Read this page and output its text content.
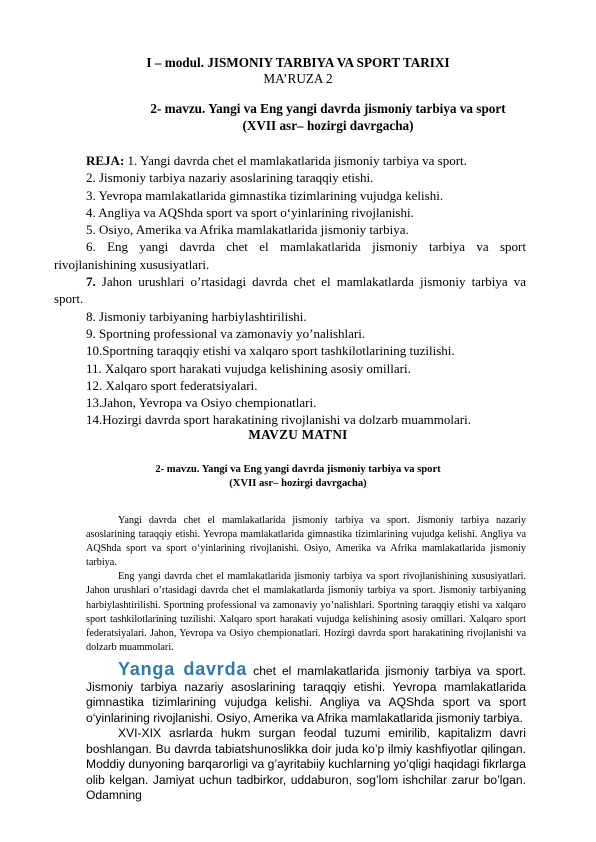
I – modul. JISMONIY TARBIYA VA SPORT TARIXI
MA’RUZA 2
2- mavzu. Yangi va Eng yangi davrda jismoniy tarbiya va sport
(XVII asr– hozirgi davrgacha)
REJA: 1. Yangi davrda chet el mamlakatlarida jismoniy tarbiya va sport.
2. Jismoniy tarbiya nazariy asoslarining taraqqiy etishi.
3. Yevropa mamlakatlarida gimnastika tizimlarining vujudga kelishi.
4. Angliya va AQShda sport va sport o‘yinlarining rivojlanishi.
5. Osiyo, Amerika va Afrika mamlakatlarida jismoniy tarbiya.
6. Eng yangi davrda chet el mamlakatlarida jismoniy tarbiya va sport rivojlanishining xususiyatlari.
7. Jahon urushlari o’rtasidagi davrda chet el mamlakatlarda jismoniy tarbiya va sport.
8. Jismoniy tarbiyaning harbiylashtirilishi.
9. Sportning professional va zamonaviy yo’nalishlari.
10.Sportning taraqqiy etishi va xalqaro sport tashkilotlarining tuzilishi.
11. Xalqaro sport harakati vujudga kelishining asosiy omillari.
12. Xalqaro sport federatsiyalari.
13.Jahon, Yevropa va Osiyo chempionatlari.
14.Hozirgi davrda sport harakatining rivojlanishi va dolzarb muammolari.
MAVZU MATNI
2- mavzu. Yangi va Eng yangi davrda jismoniy tarbiya va sport
(XVII asr– hozirgi davrgacha)

Yangi davrda chet el mamlakatlarida jismoniy tarbiya va sport. Jismoniy tarbiya nazariy asoslarining taraqqiy etishi. Yevropa mamlakatlarida gimnastika tizimlarining vujudga kelishi. Angliya va AQShda sport va sport o‘yinlarining rivojlanishi. Osiyo, Amerika va Afrika mamlakatlarida jismoniy tarbiya.

Eng yangi davrda chet el mamlakatlarida jismoniy tarbiya va sport rivojlanishining xususiyatlari. Jahon urushlari o’rtasidagi davrda chet el mamlakatlarda jismoniy tarbiya va sport. Jismoniy tarbiyaning harbiylashtirilishi. Sportning professional va zamonaviy yo’nalishlari. Sportning taraqqiy etishi va xalqaro sport tashkilotlarining tuzilishi. Xalqaro sport harakati vujudga kelishining asosiy omillari. Xalqaro sport federatsiyalari. Jahon, Yevropa va Osiyo chempionatlari. Hozirgi davrda sport harakatining rivojlanishi va dolzarb muammolari.

Yanga davrda chet el mamlakatlarida jismoniy tarbiya va sport. Jismoniy tarbiya nazariy asoslarining taraqqiy etishi. Yevropa mamlakatlarida gimnastika tizimlarining vujudga kelishi. Angliya va AQShda sport va sport o‘yinlarining rivojlanishi. Osiyo, Amerika va Afrika mamlakatlarida jismoniy tarbiya.

XVI-XIX asrlarda hukm surgan feodal tuzumi emirilib, kapitalizm davri boshlangan. Bu davrda tabiatshunoslikka doir juda ko’p ilmiy kashfiyotlar qilingan. Moddiy dunyoning barqarorligi va g’ayritabiiy kuchlarning yo’qligi haqidagi fikrlarga olib kelgan. Jamiyat uchun tadbirkor, uddaburon, sog’lom ishchilar zarur bo’lgan. Odamning
